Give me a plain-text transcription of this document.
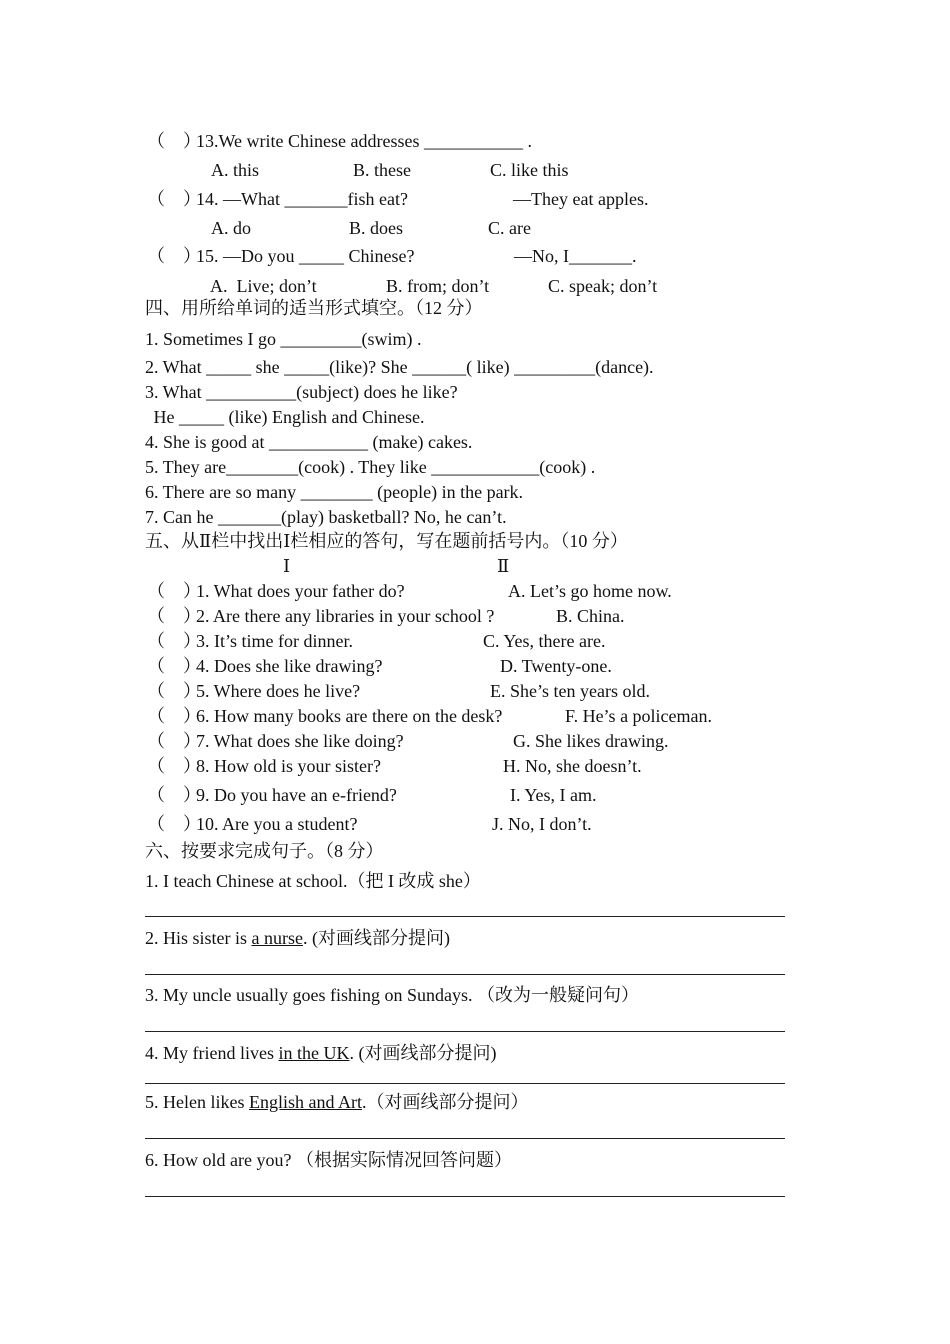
（　）
13.We write Chinese addresses ___________ .
A. this	B. these	C. like this
（　）
14. —What _______fish eat?	—They eat apples.
A. do	B. does	C. are
（　）
15. —Do you _____ Chinese?	—No, I_______.
A.  Live; don’t	B. from; don’t	C. speak; don’t
四、用所给单词的适当形式填空。（12 分）
1. Sometimes I go _________(swim) .
2. What _____ she _____(like)? She ______( like) _________(dance).
3. What __________(subject) does he like?
He _____ (like) English and Chinese.
4. She is good at ___________ (make) cakes.
5. They are________(cook) . They like ____________(cook) .
6. There are so many ________ (people) in the park.
7. Can he _______(play) basketball? No, he can’t.
五、从Ⅱ栏中找出Ⅰ栏相应的答句，写在题前括号内。（10 分）
Ⅰ	Ⅱ
（　）
1. What does your father do?	A. Let’s go home now.
（　）
2. Are there any libraries in your school ?	B. China.
（　）
3. It’s time for dinner.	C. Yes, there are.
（　）
4. Does she like drawing?	D. Twenty-one.
（　）
5. Where does he live?	E. She’s ten years old.
（　）
6. How many books are there on the desk?	F. He’s a policeman.
（　）
7. What does she like doing?	G. She likes drawing.
（　）
8. How old is your sister?	H. No, she doesn’t.
（　）
9. Do you have an e-friend?	I. Yes, I am.
（　）
10. Are you a student?	J. No, I don’t.
六、按要求完成句子。（8 分）
1. I teach Chinese at school.（把 I 改成 she）
2. His sister is a nurse. (对画线部分提问)
3. My uncle usually goes fishing on Sundays. （改为一般疑问句）
4. My friend lives in the UK. (对画线部分提问)
5. Helen likes English and Art.（对画线部分提问）
6. How old are you? （根据实际情况回答问题）
